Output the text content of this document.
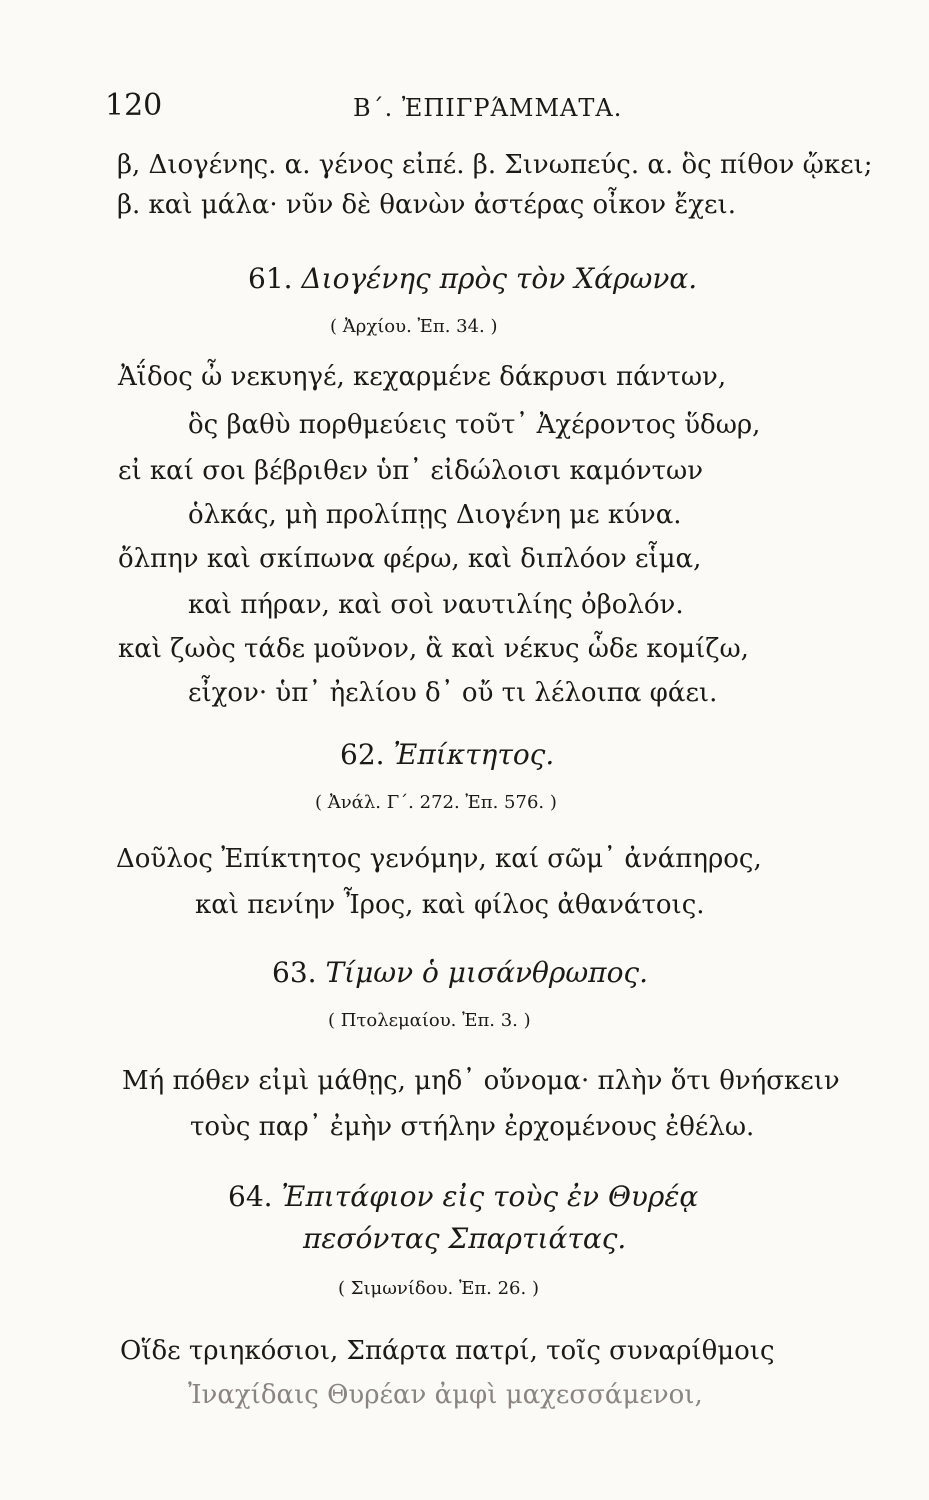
120	Β΄. ἘΠΙΓΡΆΜΜΑΤΑ.
β, Διογένης. α. γένος εἰπέ. β. Σινωπεύς. α. ὃς πίθον ᾤκει;
β. καὶ μάλα· νῦν δὲ θανὼν ἀστέρας οἶκον ἔχει.
61. Διογένης πρὸς τὸν Χάρωνα.
( Ἀρχίου. Ἐπ. 34. )
Ἀΐδος ὦ νεκυηγέ, κεχαρμένε δάκρυσι πάντων,
ὃς βαθὺ πορθμεύεις τοῦτ᾿ Ἀχέροντος ὕδωρ,
εἰ καί σοι βέβριθεν ὑπ᾿ εἰδώλοισι καμόντων
ὁλκάς, μὴ προλίπῃς Διογένη με κύνα.
ὄλπην καὶ σκίπωνα φέρω, καὶ διπλόον εἷμα,
καὶ πήραν, καὶ σοὶ ναυτιλίης ὀβολόν.
καὶ ζωὸς τάδε μοῦνον, ἃ καὶ νέκυς ὧδε κομίζω,
εἶχον· ὑπ᾿ ἠελίου δ᾿ οὔ τι λέλοιπα φάει.
62. Ἐπίκτητος.
( Ἀνάλ. Γ΄. 272. Ἐπ. 576. )
Δοῦλος Ἐπίκτητος γενόμην, καί σῶμ᾿ ἀνάπηρος,
καὶ πενίην Ἶρος, καὶ φίλος ἀθανάτοις.
63. Τίμων ὁ μισάνθρωπος.
( Πτολεμαίου. Ἐπ. 3. )
Μή πόθεν εἰμὶ μάθῃς, μηδ᾿ οὔνομα· πλὴν ὅτι θνήσκειν
τοὺς παρ᾿ ἐμὴν στήλην ἐρχομένους ἐθέλω.
64. Ἐπιτάφιον εἰς τοὺς ἐν Θυρέᾳ
πεσόντας Σπαρτιάτας.
( Σιμωνίδου. Ἐπ. 26. )
Οἵδε τριηκόσιοι, Σπάρτα πατρί, τοῖς συναρίθμοις
Ἰναχίδαις Θυρέαν ἀμφὶ μαχεσσάμενοι,
